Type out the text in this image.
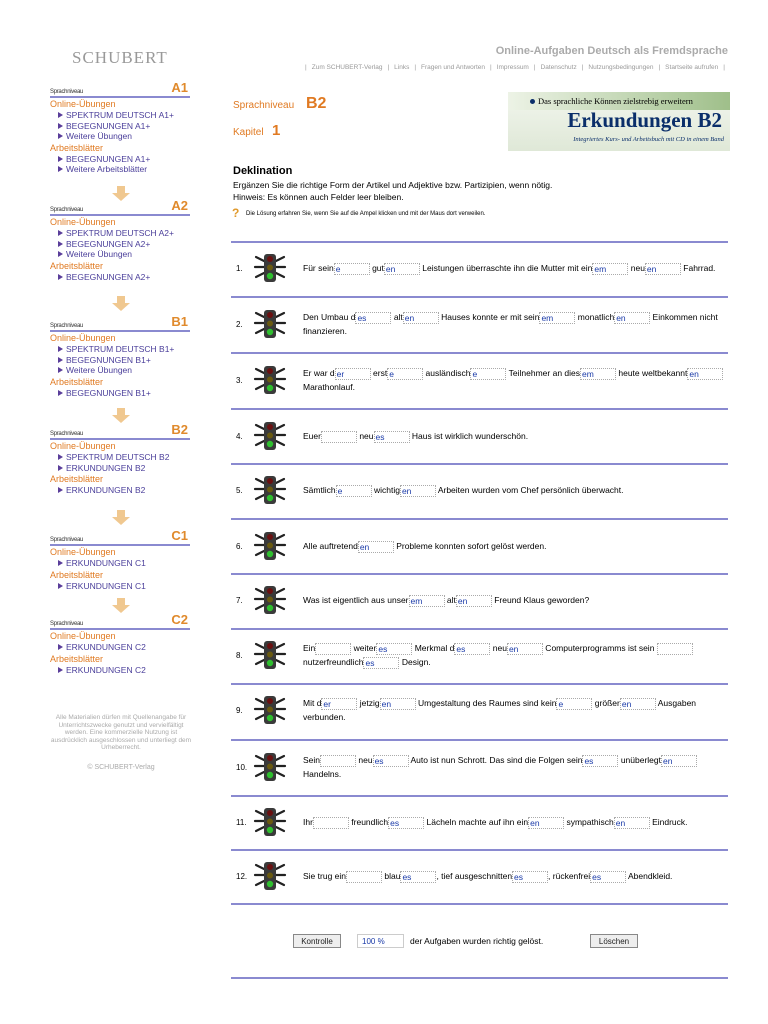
SCHUBERT	Online-Aufgaben Deutsch als Fremdsprache
| Zum SCHUBERT-Verlag | Links | Fragen und Antworten | Impressum | Datenschutz | Nutzungsbedingungen | Startseite aufrufen |
Sprachniveau	A1
Online-Übungen
SPEKTRUM DEUTSCH A1+
BEGEGNUNGEN A1+
Weitere Übungen
Arbeitsblätter
BEGEGNUNGEN A1+
Weitere Arbeitsblätter
Sprachniveau	A2
Online-Übungen
SPEKTRUM DEUTSCH A2+
BEGEGNUNGEN A2+
Weitere Übungen
Arbeitsblätter
BEGEGNUNGEN A2+
Sprachniveau	B1
Online-Übungen
SPEKTRUM DEUTSCH B1+
BEGEGNUNGEN B1+
Weitere Übungen
Arbeitsblätter
BEGEGNUNGEN B1+
Sprachniveau	B2
Online-Übungen
SPEKTRUM DEUTSCH B2
ERKUNDUNGEN B2
Arbeitsblätter
ERKUNDUNGEN B2
Sprachniveau	C1
Online-Übungen
ERKUNDUNGEN C1
Arbeitsblätter
ERKUNDUNGEN C1
Sprachniveau	C2
Online-Übungen
ERKUNDUNGEN C2
Arbeitsblätter
ERKUNDUNGEN C2
Alle Materialien dürfen mit Quellenangabe für Unterrichtszwecke genutzt und vervielfältigt werden. Eine kommerzielle Nutzung ist ausdrücklich ausgeschlossen und unterliegt dem Urheberrecht.
© SCHUBERT-Verlag
Sprachniveau B2
Kapitel 1
Das sprachliche Können zielstrebig erweitern
Erkundungen B2
Integriertes Kurs- und Arbeitsbuch mit CD in einem Band
Deklination
Ergänzen Sie die richtige Form der Artikel und Adjektive bzw. Partizipien, wenn nötig.
Hinweis: Es können auch Felder leer bleiben.
? Die Lösung erfahren Sie, wenn Sie auf die Ampel klicken und mit der Maus dort verweilen.
1.	Für sein e	gut en	Leistungen überraschte ihn die Mutter mit ein em	neu en	Fahrrad.
2.
Den Umbau d es	alt en	Hauses konnte er mit sein em	monatlich en	Einkommen nicht finanzieren.
3.
Er war d er	erst e	ausländisch e	Teilnehmer an dies em	heute weltbekannt en Marathonlauf.
4.	Euer	neu es	Haus ist wirklich wunderschön.
5.	Sämtlich e	wichtig en	Arbeiten wurden vom Chef persönlich überwacht.
6.	Alle auftretend en	Probleme konnten sofort gelöst werden.
7.	Was ist eigentlich aus unser em	alt en	Freund Klaus geworden?
8.
Ein	weiter es	Merkmal d es	neu en	Computerprogramms ist sein  nutzerfreundlich es	Design.
9.
Mit d er	jetzig en	Umgestaltung des Raumes sind kein e	größer en	Ausgaben verbunden.
10.
Sein	neu es	Auto ist nun Schrott. Das sind die Folgen sein es	unüberlegt en Handelns.
11.	Ihr	freundlich es	Lächeln machte auf ihn ein en	sympathisch en	Eindruck.
12.	Sie trug ein	blau es	, tief ausgeschnitten es	, rückenfrei es	Abendkleid.
Kontrolle	100 %	der Aufgaben wurden richtig gelöst.	Löschen
